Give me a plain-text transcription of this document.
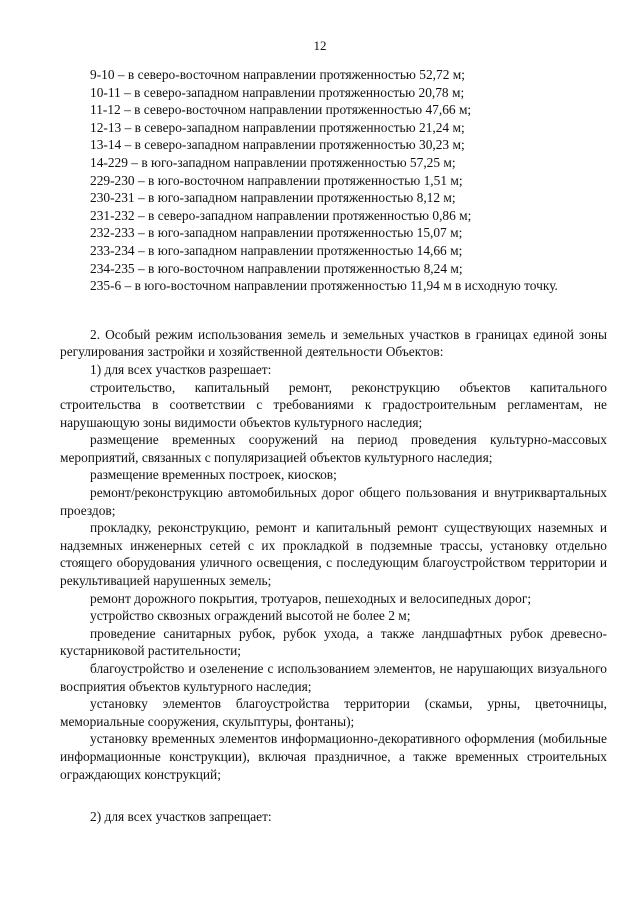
12

9-10 – в северо-восточном направлении протяженностью 52,72 м;

10-11 – в северо-западном направлении протяженностью 20,78 м;

11-12 – в северо-восточном направлении протяженностью 47,66 м;

12-13 – в северо-западном направлении протяженностью 21,24 м;

13-14 – в северо-западном направлении протяженностью 30,23 м;

14-229 – в юго-западном направлении протяженностью 57,25 м;

229-230 – в юго-восточном направлении протяженностью 1,51 м;

230-231 – в юго-западном направлении протяженностью 8,12 м;

231-232 – в северо-западном направлении протяженностью 0,86 м;

232-233 – в юго-западном направлении протяженностью 15,07 м;

233-234 – в юго-западном направлении протяженностью 14,66 м;

234-235 – в юго-восточном направлении протяженностью 8,24 м;

235-6 – в юго-восточном направлении протяженностью 11,94 м в исходную точку.

2. Особый режим использования земель и земельных участков в границах единой зоны регулирования застройки и хозяйственной деятельности Объектов:

1) для всех участков разрешает:

строительство, капитальный ремонт, реконструкцию объектов капитального строительства в соответствии с требованиями к градостроительным регламентам, не нарушающую зоны видимости объектов культурного наследия;

размещение временных сооружений на период проведения культурно-массовых мероприятий, связанных с популяризацией объектов культурного наследия;

размещение временных построек, киосков;

ремонт/реконструкцию автомобильных дорог общего пользования и внутриквартальных проездов;

прокладку, реконструкцию, ремонт и капитальный ремонт существующих наземных и надземных инженерных сетей с их прокладкой в подземные трассы, установку отдельно стоящего оборудования уличного освещения, с последующим благоустройством территории и рекультивацией нарушенных земель;

ремонт дорожного покрытия, тротуаров, пешеходных и велосипедных дорог;

устройство сквозных ограждений высотой не более 2 м;

проведение санитарных рубок, рубок ухода, а также ландшафтных рубок древесно-кустарниковой растительности;

благоустройство и озеленение с использованием элементов, не нарушающих визуального восприятия объектов культурного наследия;

установку элементов благоустройства территории (скамьи, урны, цветочницы, мемориальные сооружения, скульптуры, фонтаны);

установку временных элементов информационно-декоративного оформления (мобильные информационные конструкции), включая праздничное, а также временных строительных ограждающих конструкций;

2) для всех участков запрещает:
